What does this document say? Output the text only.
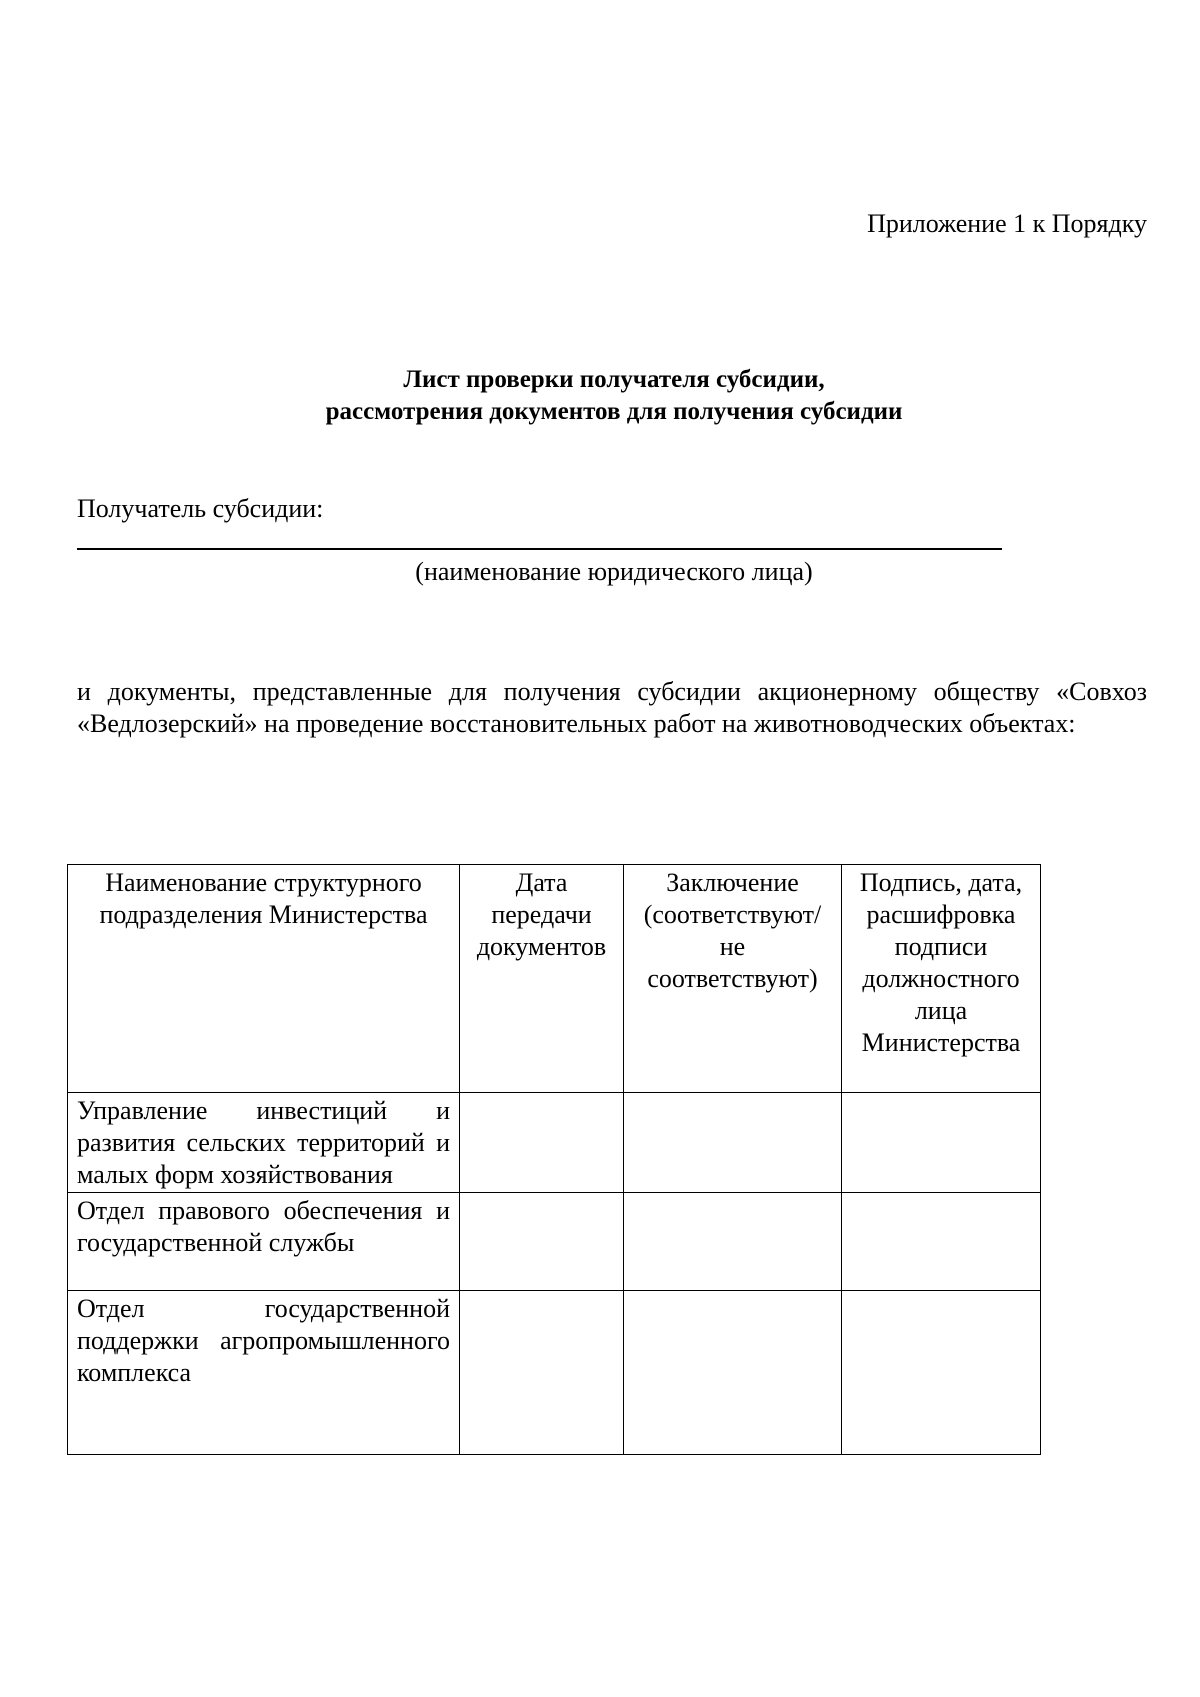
Приложение 1 к Порядку
Лист проверки получателя субсидии,
рассмотрения документов для получения субсидии
Получатель субсидии:
(наименование юридического лица)
и документы, представленные для получения субсидии акционерному обществу «Совхоз «Ведлозерский» на проведение восстановительных работ на животноводческих объектах:
Наименование структурного подразделения Министерства	Дата передачи документов	Заключение (соответствуют/ не соответствуют)	Подпись, дата, расшифровка подписи должностного лица Министерства
Управление инвестиций и развития сельских территорий и малых форм хозяйствования			
Отдел правового обеспечения и государственной службы			
Отдел государственной поддержки агропромышленного комплекса			
